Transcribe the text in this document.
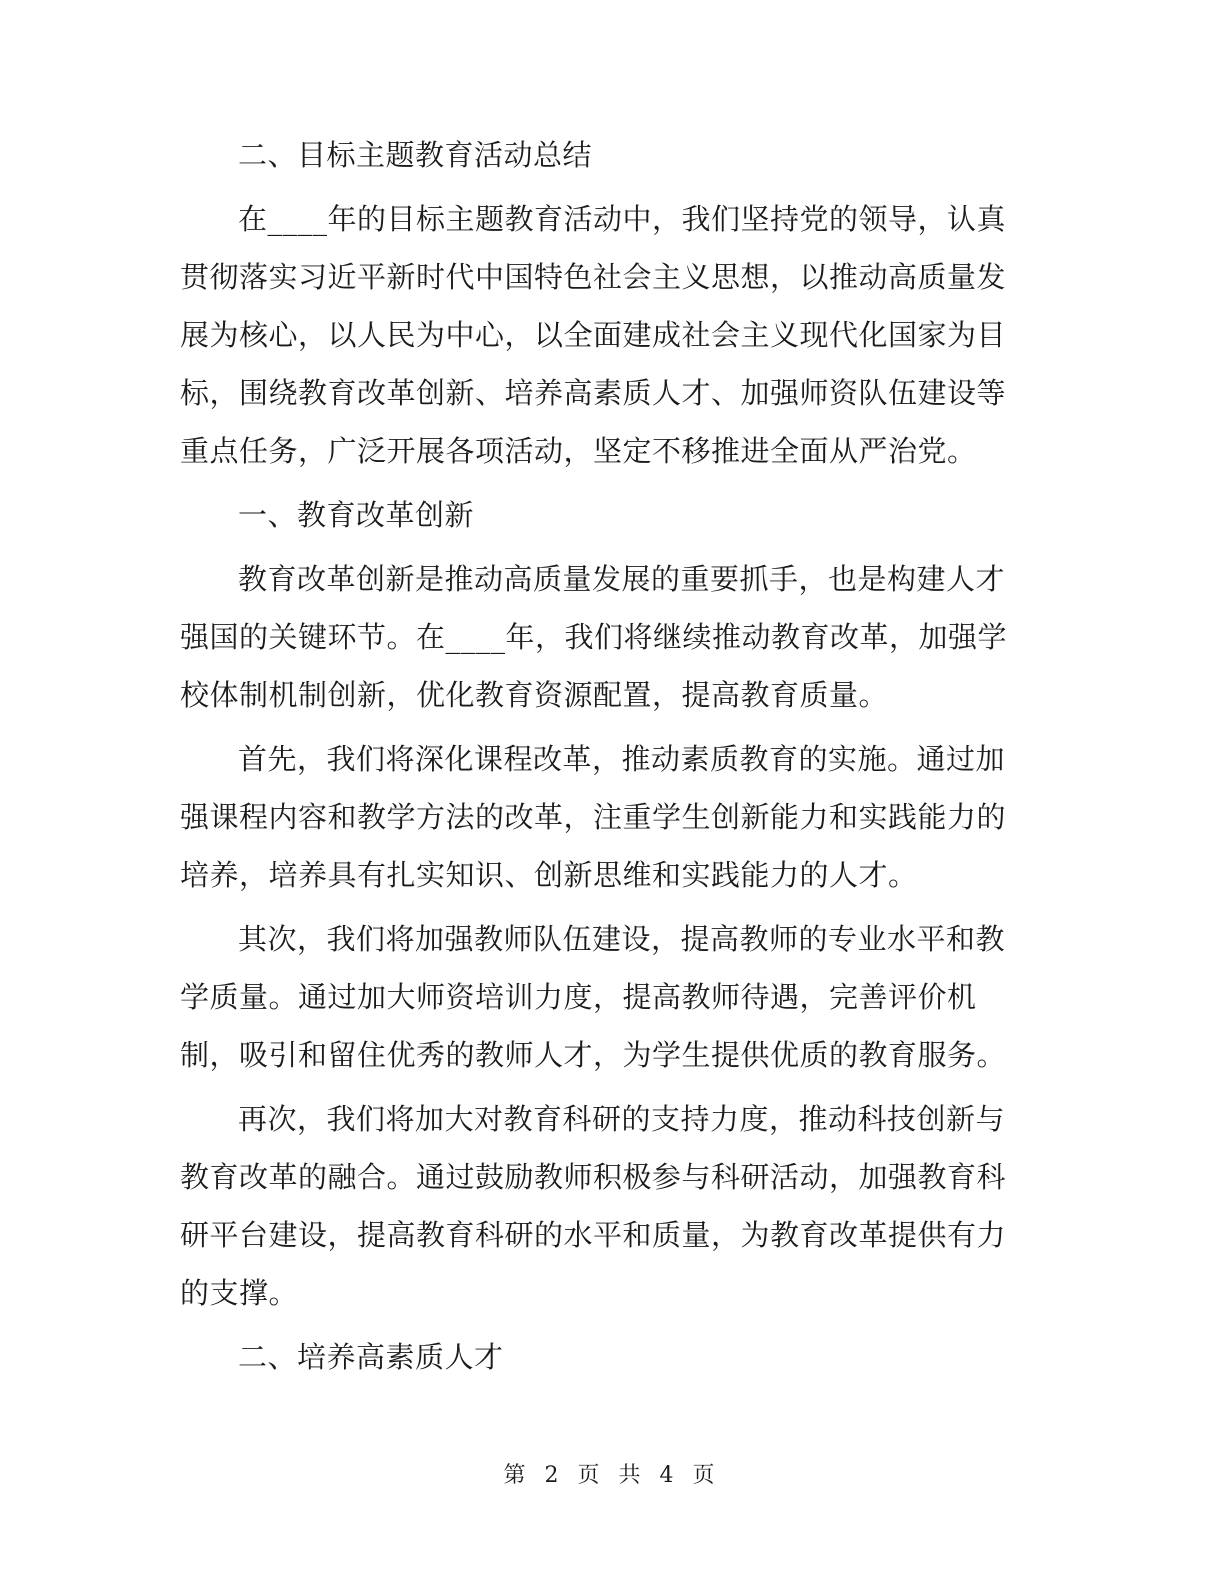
二、目标主题教育活动总结

在____年的目标主题教育活动中，我们坚持党的领导，认真贯彻落实习近平新时代中国特色社会主义思想，以推动高质量发展为核心，以人民为中心，以全面建成社会主义现代化国家为目标，围绕教育改革创新、培养高素质人才、加强师资队伍建设等重点任务，广泛开展各项活动，坚定不移推进全面从严治党。

一、教育改革创新

教育改革创新是推动高质量发展的重要抓手，也是构建人才强国的关键环节。在____年，我们将继续推动教育改革，加强学校体制机制创新，优化教育资源配置，提高教育质量。

首先，我们将深化课程改革，推动素质教育的实施。通过加强课程内容和教学方法的改革，注重学生创新能力和实践能力的培养，培养具有扎实知识、创新思维和实践能力的人才。

其次，我们将加强教师队伍建设，提高教师的专业水平和教学质量。通过加大师资培训力度，提高教师待遇，完善评价机制，吸引和留住优秀的教师人才，为学生提供优质的教育服务。

再次，我们将加大对教育科研的支持力度，推动科技创新与教育改革的融合。通过鼓励教师积极参与科研活动，加强教育科研平台建设，提高教育科研的水平和质量，为教育改革提供有力的支撑。

二、培养高素质人才

第 2 页 共 4 页
